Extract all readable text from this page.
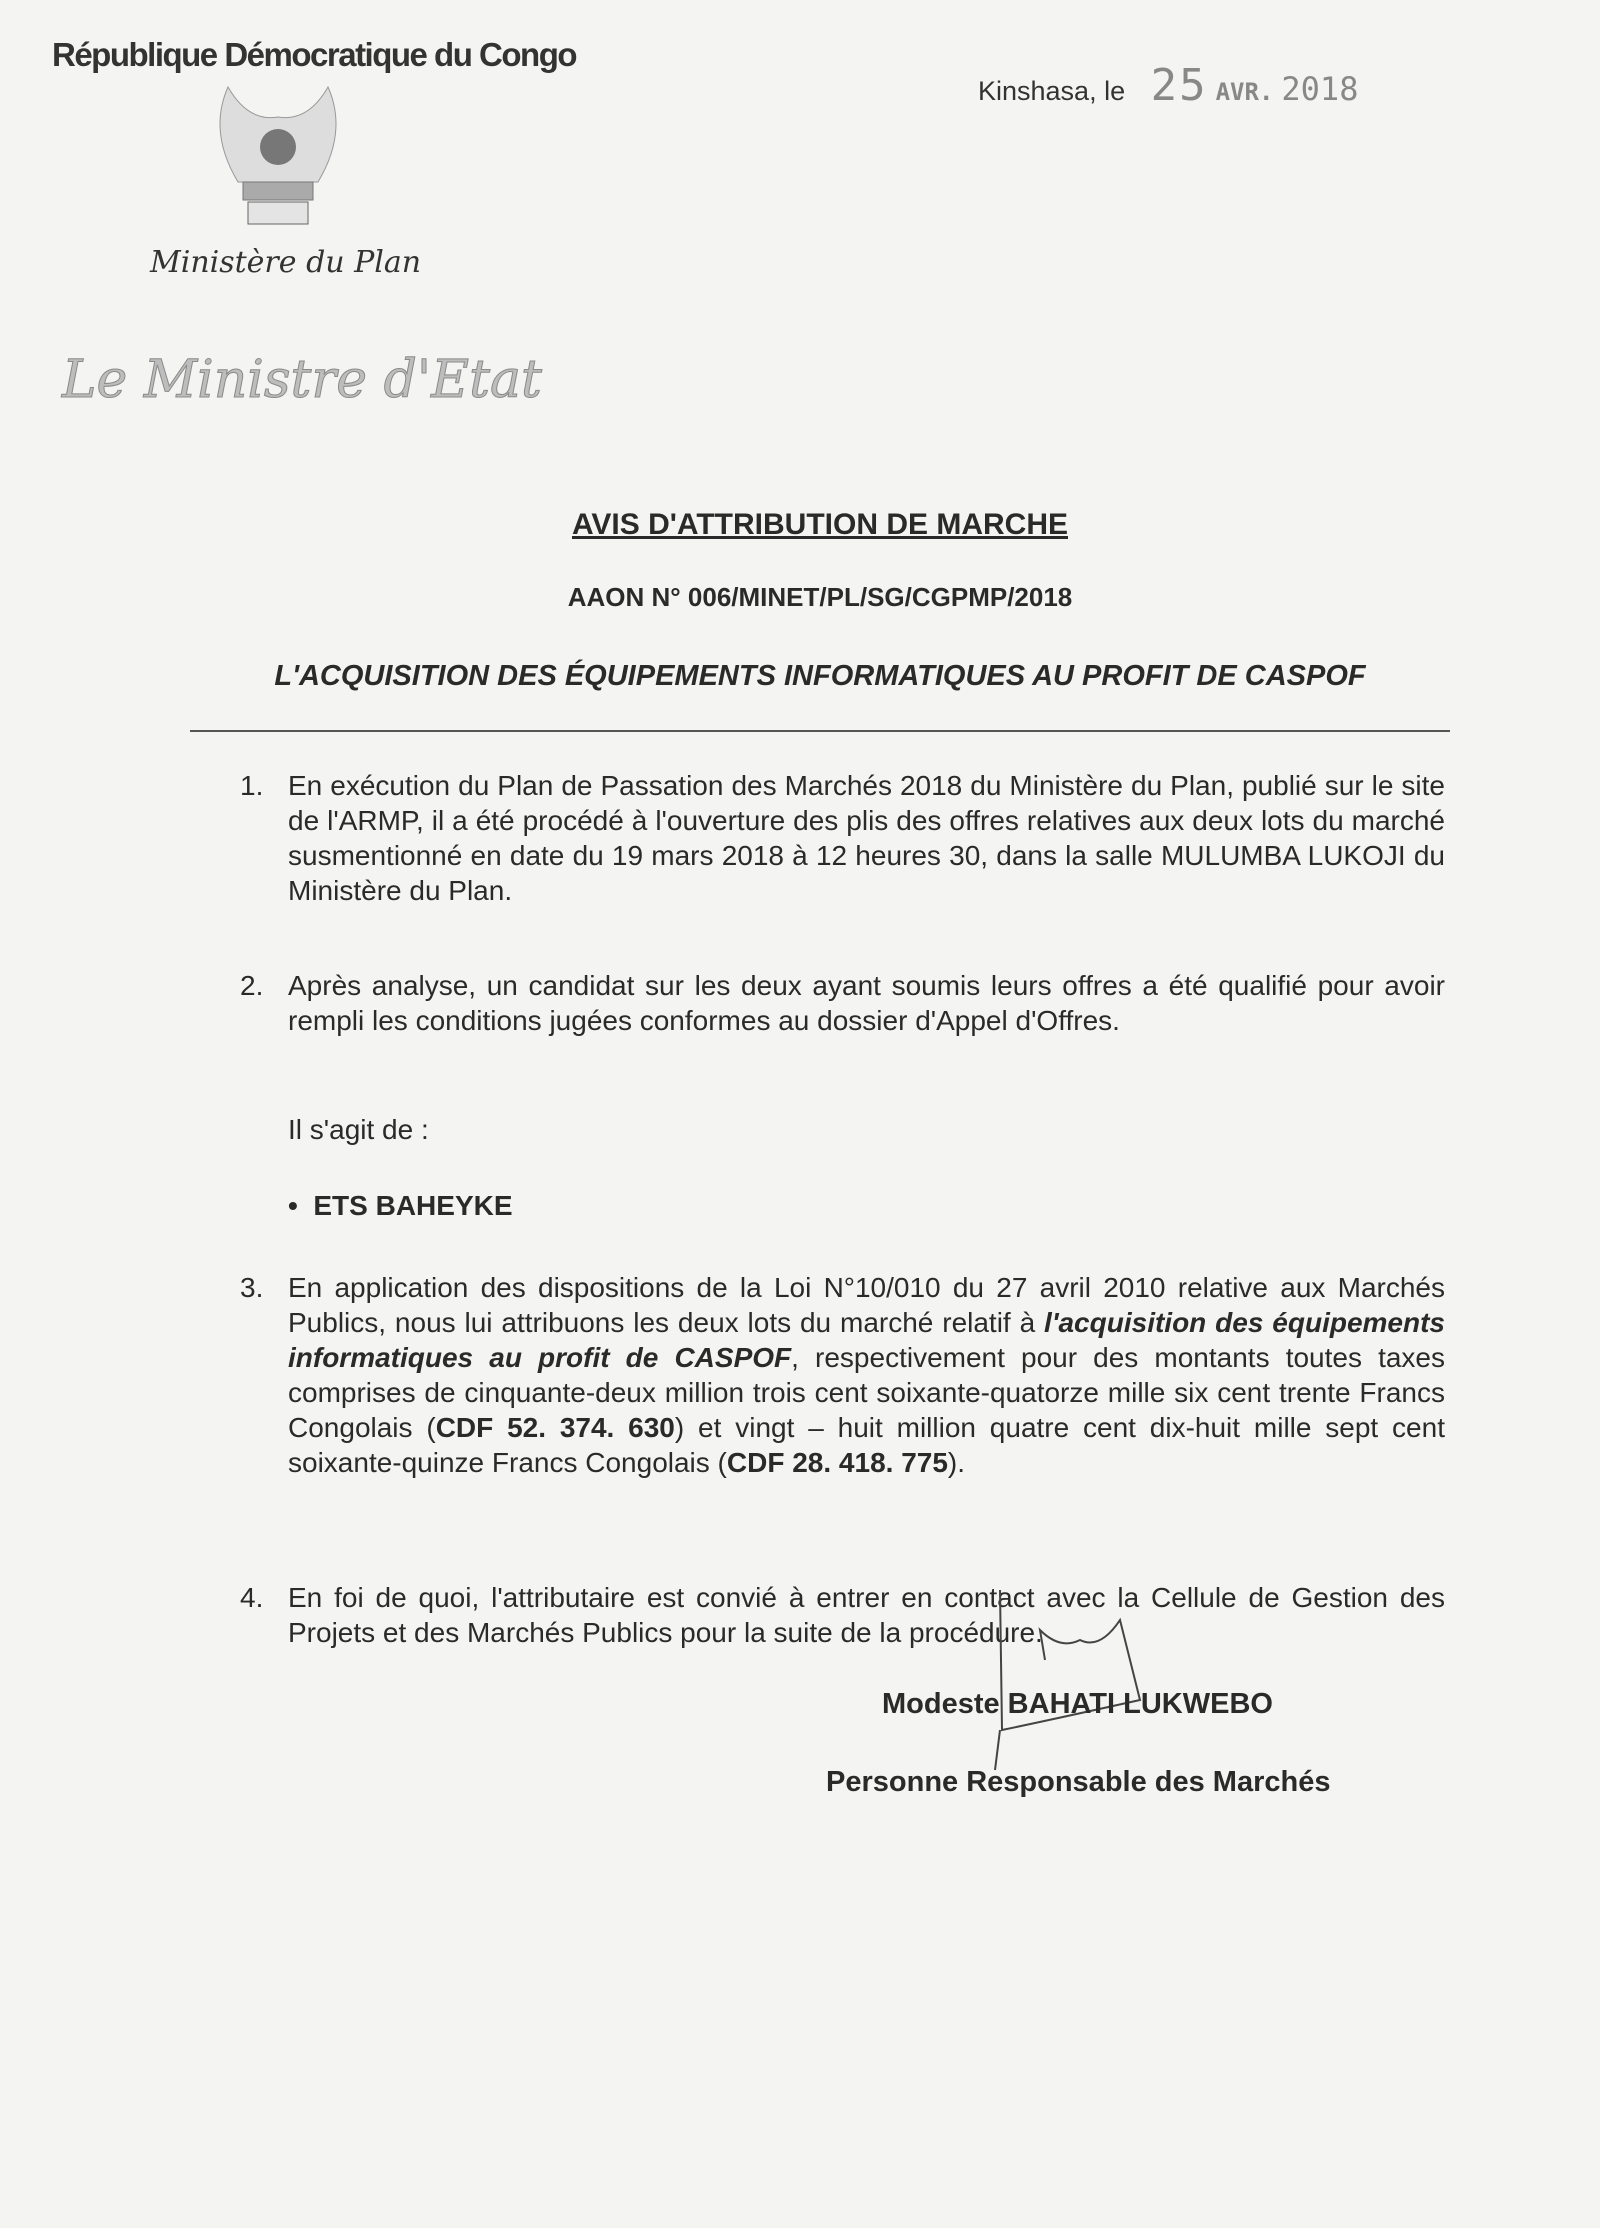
République Démocratique du Congo
Kinshasa, le 25 AVR. 2018
Ministère du Plan
Le Ministre d'Etat
AVIS D'ATTRIBUTION DE MARCHE
AAON N° 006/MINET/PL/SG/CGPMP/2018
L'ACQUISITION DES ÉQUIPEMENTS INFORMATIQUES AU PROFIT DE CASPOF
1. En exécution du Plan de Passation des Marchés 2018 du Ministère du Plan, publié sur le site de l'ARMP, il a été procédé à l'ouverture des plis des offres relatives aux deux lots du marché susmentionné en date du 19 mars 2018 à 12 heures 30, dans la salle MULUMBA LUKOJI du Ministère du Plan.
2. Après analyse, un candidat sur les deux ayant soumis leurs offres a été qualifié pour avoir rempli les conditions jugées conformes au dossier d'Appel d'Offres.
Il s'agit de :
•  ETS BAHEYKE
3. En application des dispositions de la Loi N°10/010 du 27 avril 2010 relative aux Marchés Publics, nous lui attribuons les deux lots du marché relatif à l'acquisition des équipements informatiques au profit de CASPOF, respectivement pour des montants toutes taxes comprises de cinquante-deux million trois cent soixante-quatorze mille six cent trente Francs Congolais (CDF 52. 374. 630) et vingt – huit million quatre cent dix-huit mille sept cent soixante-quinze Francs Congolais (CDF 28. 418. 775).
4. En foi de quoi, l'attributaire est convié à entrer en contact avec la Cellule de Gestion des Projets et des Marchés Publics pour la suite de la procédure.
Modeste BAHATI LUKWEBO
Personne Responsable des Marchés
